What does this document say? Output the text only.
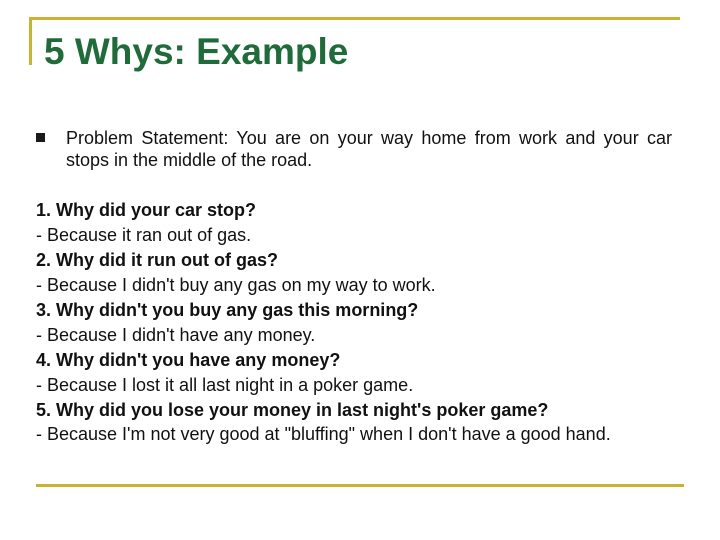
5 Whys: Example

Problem Statement: You are on your way home from work and your car stops in the middle of the road.

1. Why did your car stop?
- Because it ran out of gas.
2. Why did it run out of gas?
- Because I didn't buy any gas on my way to work.
3. Why didn't you buy any gas this morning?
- Because I didn't have any money.
4. Why didn't you have any money?
- Because I lost it all last night in a poker game.
5. Why did you lose your money in last night's poker game?
- Because I'm not very good at "bluffing" when I don't have a good hand.
